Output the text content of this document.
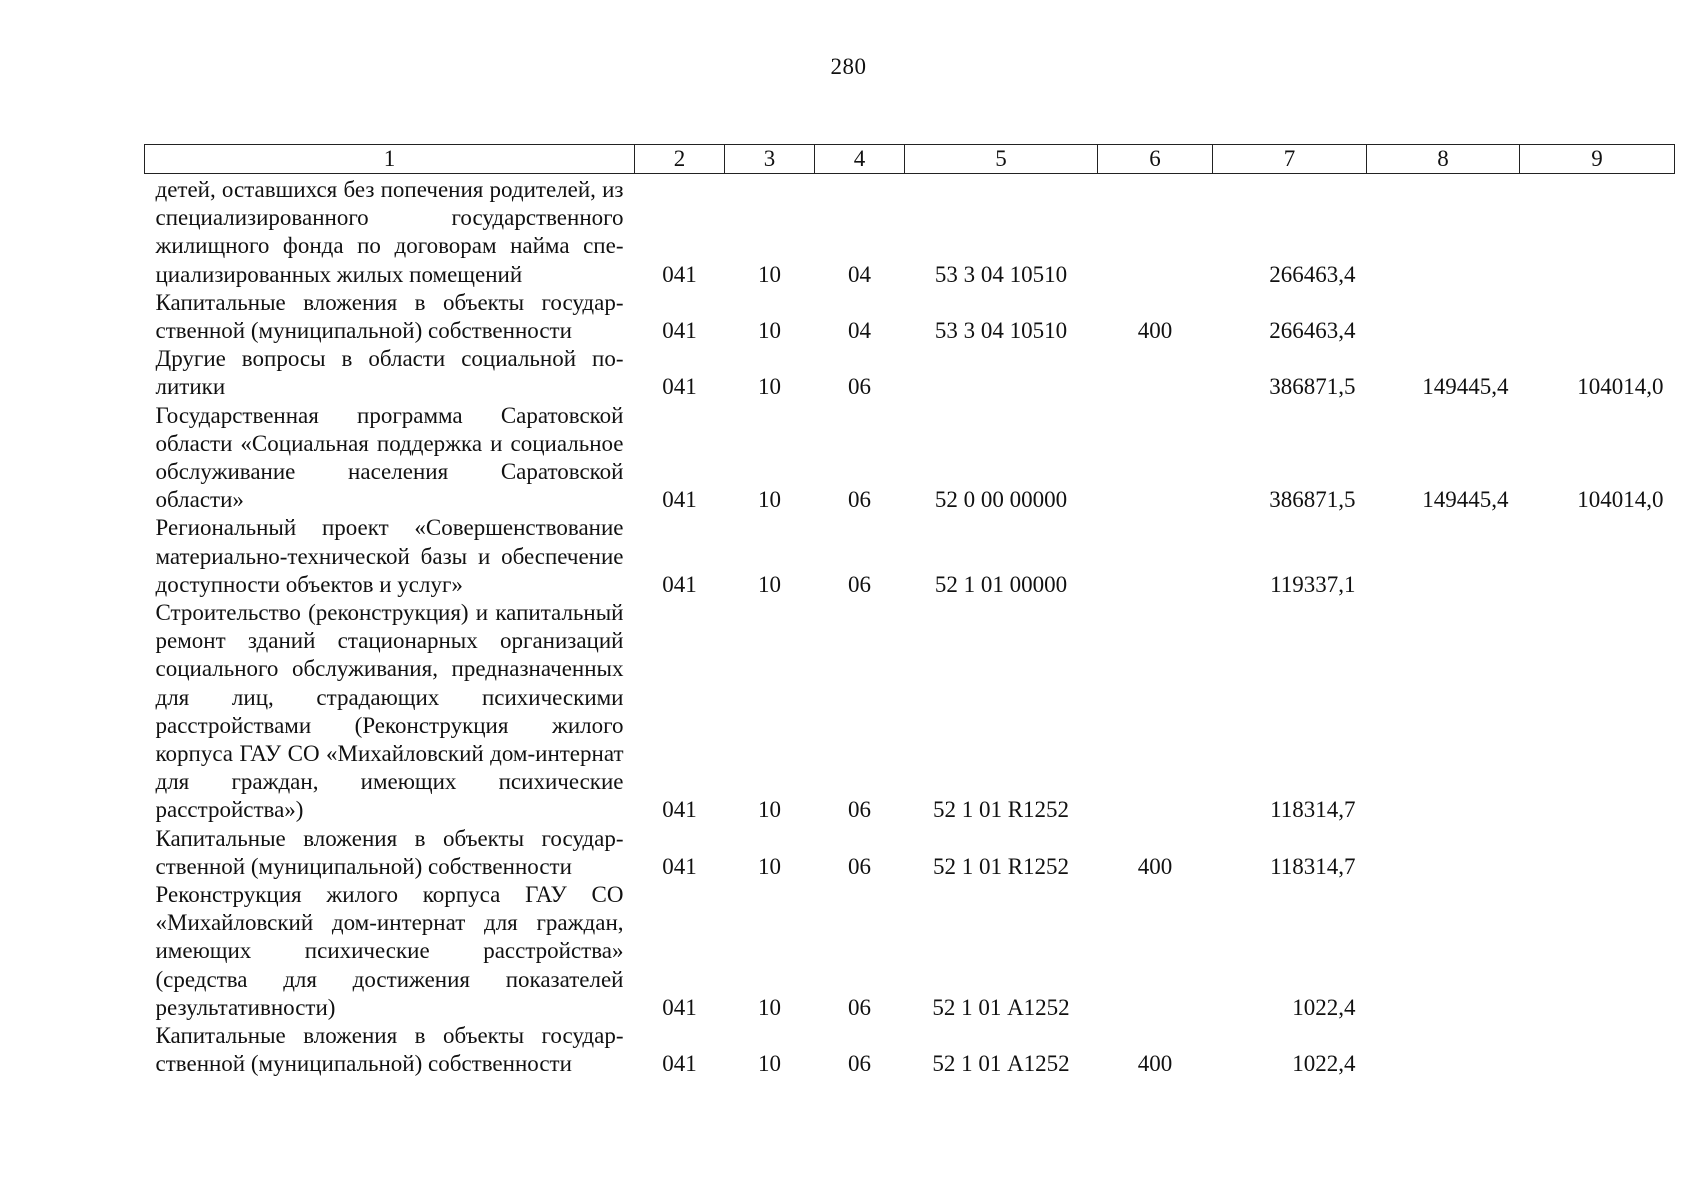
280
1	2	3	4	5	6	7	8	9
детей, оставшихся без попечения родителей, из специализированного государственного жилищного фонда по договорам найма специализированных жилых помещений	041	10	04	53 3 04 10510		266463,4		
Капитальные вложения в объекты государственной (муниципальной) собственности	041	10	04	53 3 04 10510	400	266463,4		
Другие вопросы в области социальной политики	041	10	06			386871,5	149445,4	104014,0
Государственная программа Саратовской области «Социальная поддержка и социальное обслуживание населения Саратовской области»	041	10	06	52 0 00 00000		386871,5	149445,4	104014,0
Региональный проект «Совершенствование материально-технической базы и обеспечение доступности объектов и услуг»	041	10	06	52 1 01 00000		119337,1		
Строительство (реконструкция) и капитальный ремонт зданий стационарных организаций социального обслуживания, предназначенных для лиц, страдающих психическими расстройствами (Реконструкция жилого корпуса ГАУ СО «Михайловский дом-интернат для граждан, имеющих психические расстройства»)	041	10	06	52 1 01 R1252		118314,7		
Капитальные вложения в объекты государственной (муниципальной) собственности	041	10	06	52 1 01 R1252	400	118314,7		
Реконструкция жилого корпуса ГАУ СО «Михайловский дом-интернат для граждан, имеющих психические расстройства» (средства для достижения показателей результативности)	041	10	06	52 1 01 А1252		1022,4		
Капитальные вложения в объекты государственной (муниципальной) собственности	041	10	06	52 1 01 А1252	400	1022,4		
